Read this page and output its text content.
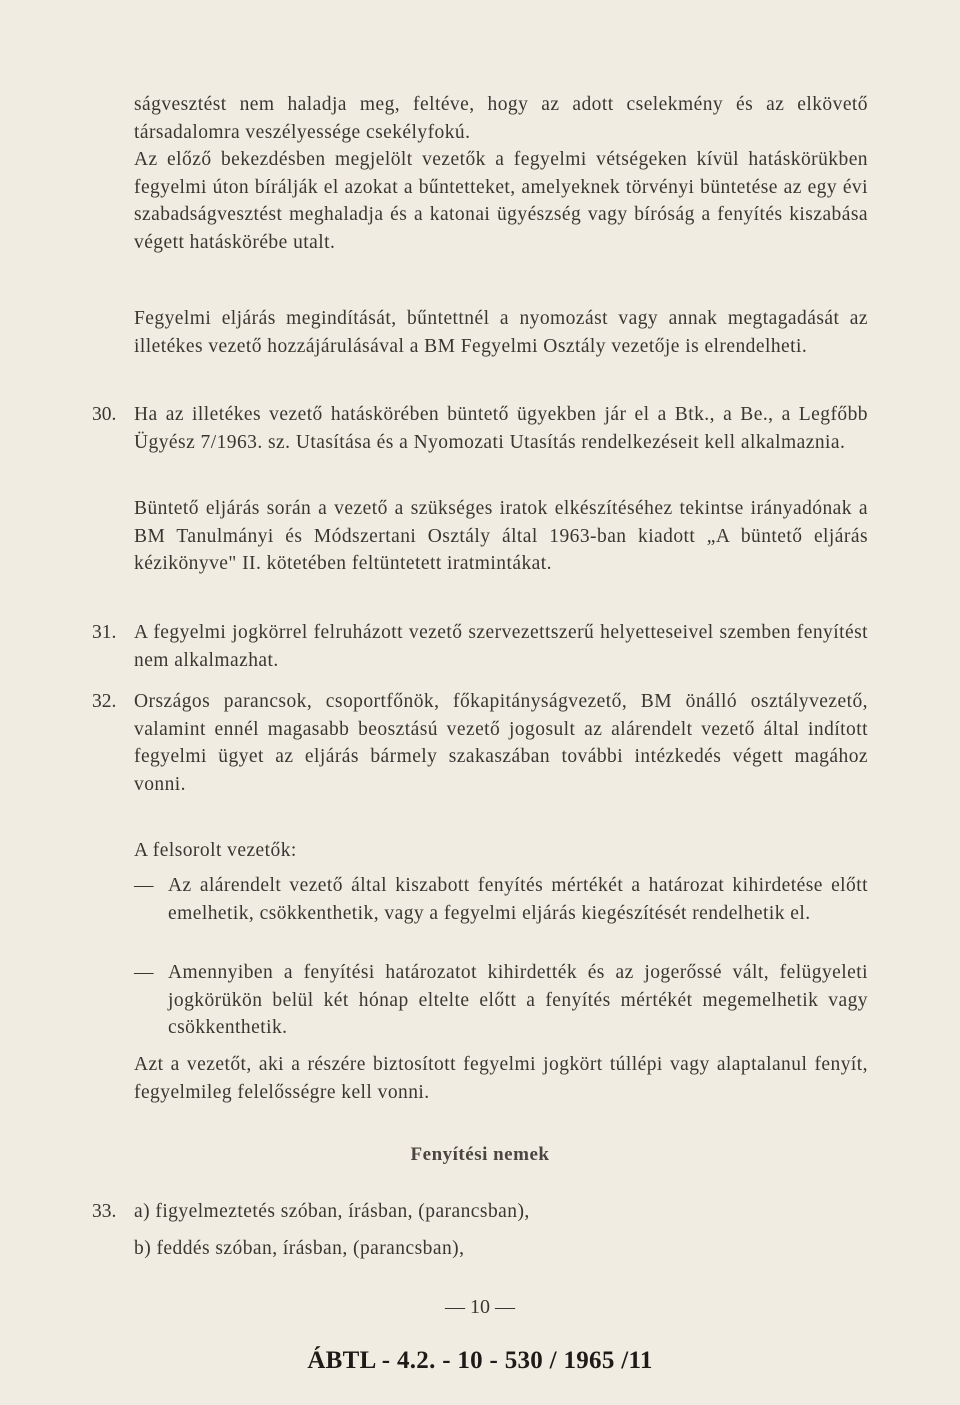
ságvesztést nem haladja meg, feltéve, hogy az adott cselekmény és az elkövető társadalomra veszélyessége csekélyfokú.

Az előző bekezdésben megjelölt vezetők a fegyelmi vétségeken kívül hatáskörükben fegyelmi úton bírálják el azokat a bűntetteket, amelyeknek törvényi büntetése az egy évi szabadságvesztést meghaladja és a katonai ügyészség vagy bíróság a fenyítés kiszabása végett hatáskörébe utalt.

Fegyelmi eljárás megindítását, bűntettnél a nyomozást vagy annak megtagadását az illetékes vezető hozzájárulásával a BM Fegyelmi Osztály vezetője is elrendelheti.

30. Ha az illetékes vezető hatáskörében büntető ügyekben jár el a Btk., a Be., a Legfőbb Ügyész 7/1963. sz. Utasítása és a Nyomozati Utasítás rendelkezéseit kell alkalmaznia.

Büntető eljárás során a vezető a szükséges iratok elkészítéséhez tekintse irányadónak a BM Tanulmányi és Módszertani Osztály által 1963-ban kiadott „A büntető eljárás kézikönyve" II. kötetében feltüntetett iratmintákat.

31. A fegyelmi jogkörrel felruházott vezető szervezettszerű helyetteseivel szemben fenyítést nem alkalmazhat.

32. Országos parancsok, csoportfőnök, főkapitányságvezető, BM önálló osztályvezető, valamint ennél magasabb beosztású vezető jogosult az alárendelt vezető által indított fegyelmi ügyet az eljárás bármely szakaszában további intézkedés végett magához vonni.

A felsorolt vezetők:

— Az alárendelt vezető által kiszabott fenyítés mértékét a határozat kihirdetése előtt emelhetik, csökkenthetik, vagy a fegyelmi eljárás kiegészítését rendelhetik el.

— Amennyiben a fenyítési határozatot kihirdették és az jogerőssé vált, felügyeleti jogkörükön belül két hónap eltelte előtt a fenyítés mértékét megemelhetik vagy csökkenthetik.

Azt a vezetőt, aki a részére biztosított fegyelmi jogkört túllépi vagy alaptalanul fenyít, fegyelmileg felelősségre kell vonni.

Fenyítési nemek
33. a) figyelmeztetés szóban, írásban, (parancsban),
b) feddés szóban, írásban, (parancsban),
— 10 —
ÁBTL - 4.2. - 10 - 530 / 1965 /11
